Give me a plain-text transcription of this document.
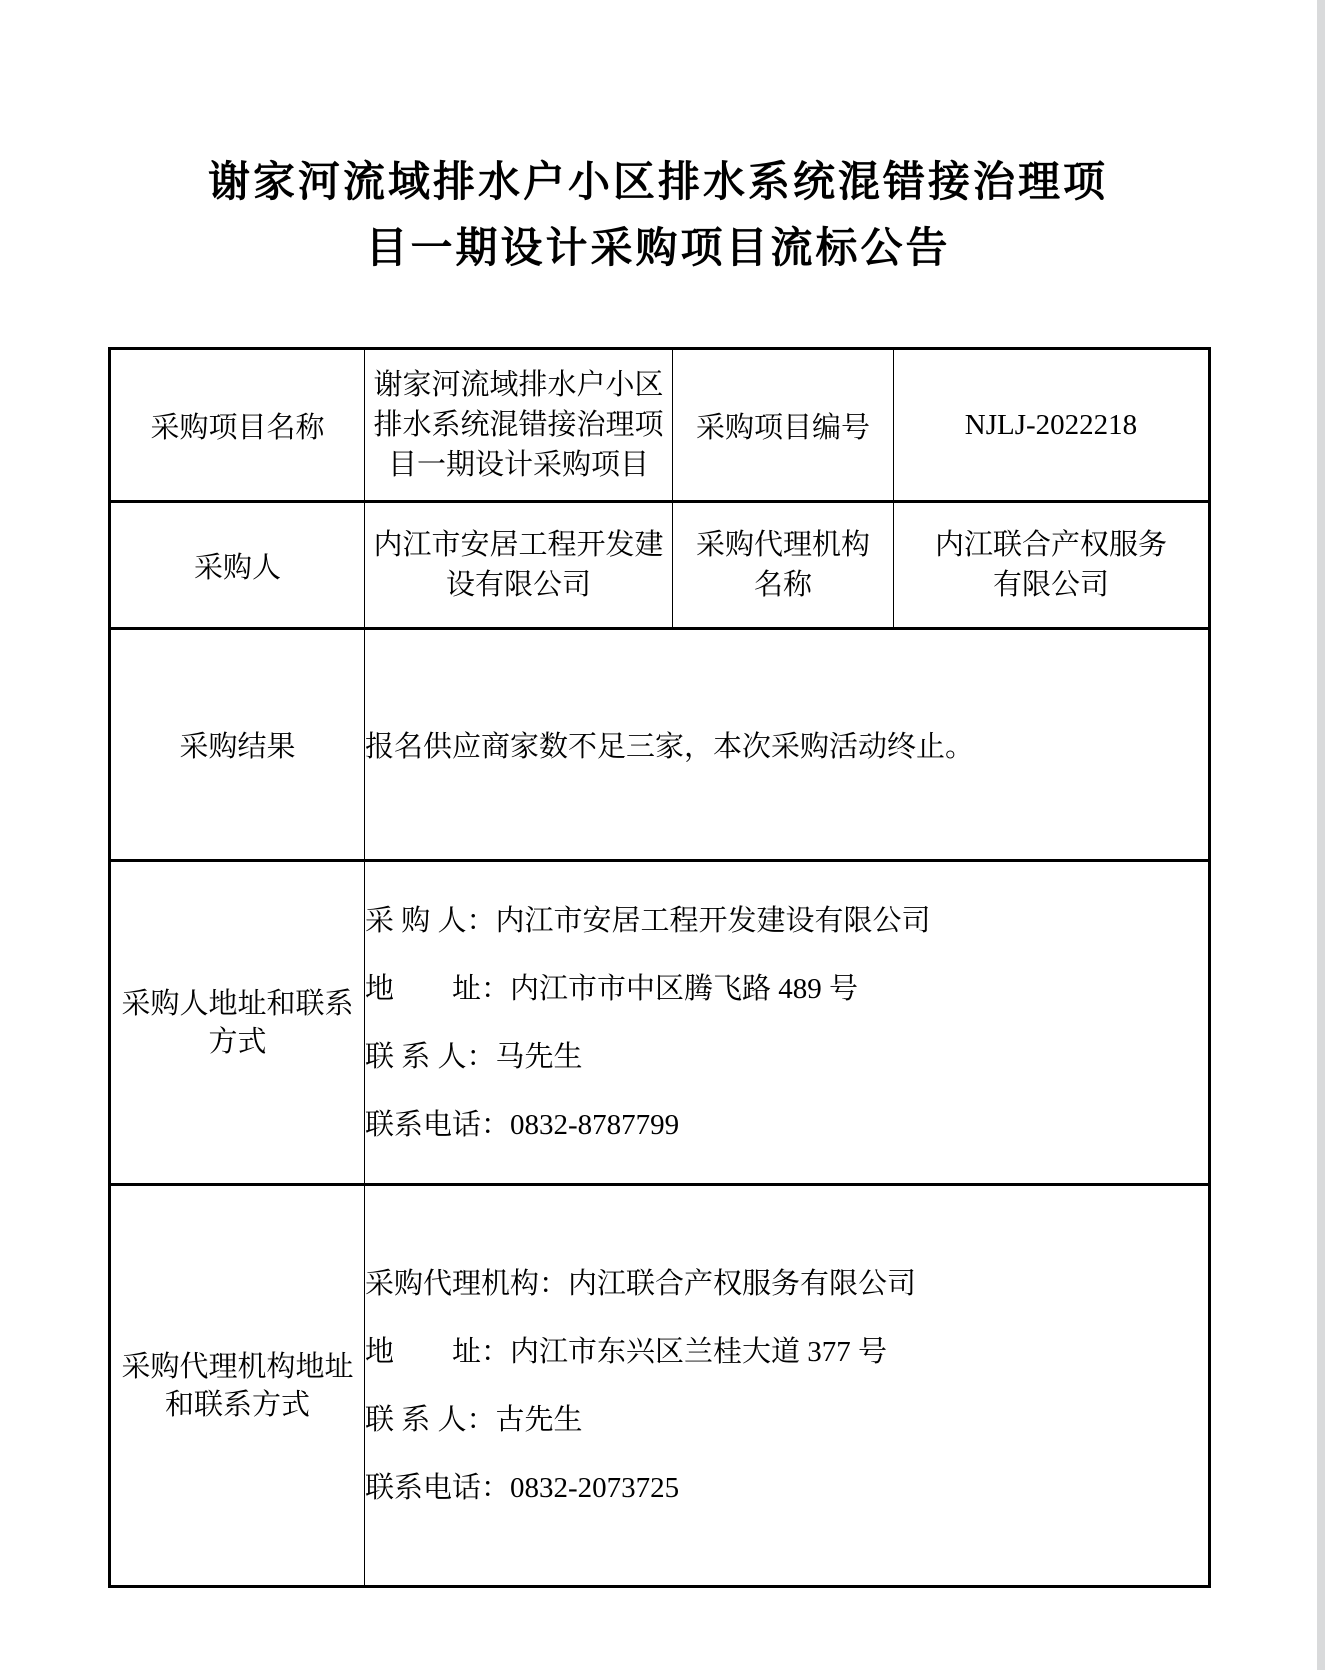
谢家河流域排水户小区排水系统混错接治理项
目一期设计采购项目流标公告
采购项目名称	谢家河流域排水户小区
排水系统混错接治理项
目一期设计采购项目	采购项目编号	NJLJ-2022218
采购人	内江市安居工程开发建
设有限公司	采购代理机构
名称	内江联合产权服务
有限公司

采购结果	报名供应商家数不足三家，本次采购活动终止。		

采购人地址和联系
方式	采 购 人：内江市安居工程开发建设有限公司
地　　址：内江市市中区腾飞路 489 号
联 系 人：马先生
联系电话：0832-8787799		

采购代理机构地址
和联系方式	采购代理机构：内江联合产权服务有限公司
地　　址：内江市东兴区兰桂大道 377 号
联 系 人：古先生
联系电话：0832-2073725		
